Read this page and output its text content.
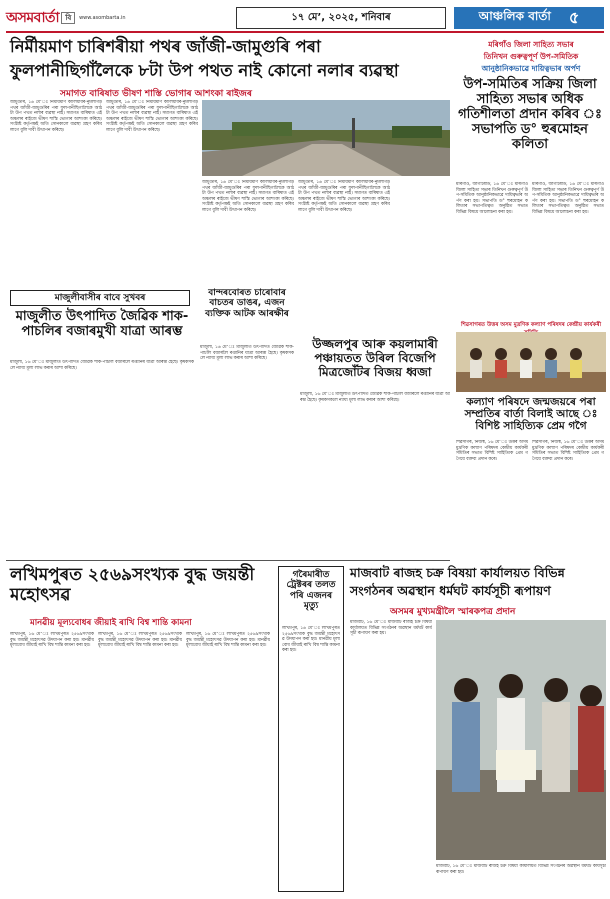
অসমবাৰ্তা বি	www.asombarta.in	১৭ মে’, ২০২৫, শনিবাৰ	আঞ্চলিক বাৰ্তা ৫
নিৰ্মীয়মাণ চাৰিশৰীয়া পথৰ জাঁজী-জামুগুৰি পৰা
ফুলপানীছিগাঁলৈকে ৮টা উপ পথত নাই কোনো নলাৰ ব্যৱস্থা
সমাগত বাৰিষাত ভীষণ শাস্তি ভোগাৰ আশংকা ৰাইজৰ
জামুগুৰি, ১৬ মে’ঃ নিৰ্মীয়মাণ কালিয়াবৰ-নুমলীগড় পথৰ জাঁজী-জামুগুৰিৰ পৰা ফুলপানীছিগালৈকে আঠটা উপ পথত নলাৰ ব্যৱস্থা নাই। সমাগত বাৰিষাত এই অঞ্চলৰ ৰাইজে ভীষণ শাস্তি ভোগাৰ আশংকা কৰিছে। সংশ্লিষ্ট কৰ্তৃপক্ষই অতি সোনকালে ব্যৱস্থা গ্ৰহণ কৰিব লাগে বুলি দাবী উত্থাপন কৰিছে।
জামুগুৰি, ১৬ মে’ঃ নিৰ্মীয়মাণ কালিয়াবৰ-নুমলীগড় পথৰ জাঁজী-জামুগুৰিৰ পৰা ফুলপানীছিগালৈকে আঠটা উপ পথত নলাৰ ব্যৱস্থা নাই। সমাগত বাৰিষাত এই অঞ্চলৰ ৰাইজে ভীষণ শাস্তি ভোগাৰ আশংকা কৰিছে। সংশ্লিষ্ট কৰ্তৃপক্ষই অতি সোনকালে ব্যৱস্থা গ্ৰহণ কৰিব লাগে বুলি দাবী উত্থাপন কৰিছে।
জামুগুৰি, ১৬ মে’ঃ নিৰ্মীয়মাণ কালিয়াবৰ-নুমলীগড় পথৰ জাঁজী-জামুগুৰিৰ পৰা ফুলপানীছিগালৈকে আঠটা উপ পথত নলাৰ ব্যৱস্থা নাই। সমাগত বাৰিষাত এই অঞ্চলৰ ৰাইজে ভীষণ শাস্তি ভোগাৰ আশংকা কৰিছে। সংশ্লিষ্ট কৰ্তৃপক্ষই অতি সোনকালে ব্যৱস্থা গ্ৰহণ কৰিব লাগে বুলি দাবী উত্থাপন কৰিছে।
জামুগুৰি, ১৬ মে’ঃ নিৰ্মীয়মাণ কালিয়াবৰ-নুমলীগড় পথৰ জাঁজী-জামুগুৰিৰ পৰা ফুলপানীছিগালৈকে আঠটা উপ পথত নলাৰ ব্যৱস্থা নাই। সমাগত বাৰিষাত এই অঞ্চলৰ ৰাইজে ভীষণ শাস্তি ভোগাৰ আশংকা কৰিছে। সংশ্লিষ্ট কৰ্তৃপক্ষই অতি সোনকালে ব্যৱস্থা গ্ৰহণ কৰিব লাগে বুলি দাবী উত্থাপন কৰিছে।
মৰিগাঁও জিলা সাহিত্য সভাৰ
তিনিখন গুৰুত্বপূৰ্ণ উপ-সমিতিক
আনুষ্ঠানিকভাৱে দায়িত্বভাৰ অৰ্পণ
উপ-সমিতিৰ সক্ৰিয় জিলা সাহিত্য সভাৰ অধিক গতিশীলতা প্ৰদান কৰিব ঃ সভাপতি ড° হুৰমোহন কলিতা
মৰিগাঁও, জাগীৰোড, ১৬ মে’ঃ মৰিগাঁও জিলা সাহিত্য সভাৰ তিনিখন গুৰুত্বপূৰ্ণ উপ-সমিতিক আনুষ্ঠানিকভাৱে দায়িত্বভাৰ অৰ্পণ কৰা হয়। সভাপতি ড° হুৰমোহন কলিতাৰ সভাপতিত্বত অনুষ্ঠিত সভাত বিভিন্ন বিষয়ে আলোচনা কৰা হয়।
মৰিগাঁও, জাগীৰোড, ১৬ মে’ঃ মৰিগাঁও জিলা সাহিত্য সভাৰ তিনিখন গুৰুত্বপূৰ্ণ উপ-সমিতিক আনুষ্ঠানিকভাৱে দায়িত্বভাৰ অৰ্পণ কৰা হয়। সভাপতি ড° হুৰমোহন কলিতাৰ সভাপতিত্বত অনুষ্ঠিত সভাত বিভিন্ন বিষয়ে আলোচনা কৰা হয়।
মাজুলীবাসীৰ বাবে সুখবৰ
মাজুলীত উৎপাদিত জৈৱিক শাক-পাচলিৰ বজাৰমুখী যাত্ৰা আৰম্ভ
মাজুলী, ১৬ মে’ঃ মাজুলীত উৎপাদিত জৈৱিক শাক-পাচলি বজাৰলৈ ৰপ্তানিৰ যাত্ৰা আৰম্ভ হৈছে। কৃষকসকলে ন্যায্য মূল্য লাভ কৰাৰ আশা কৰিছে।
বান্দৰবোৰত চাৰোবাৰ বাচতৰ ডাঙৰ, এজন ব্যক্তিক আটক আৰক্ষীৰ
মাজুলী, ১৬ মে’ঃ মাজুলীত উৎপাদিত জৈৱিক শাক-পাচলি বজাৰলৈ ৰপ্তানিৰ যাত্ৰা আৰম্ভ হৈছে। কৃষকসকলে ন্যায্য মূল্য লাভ কৰাৰ আশা কৰিছে।
উজ্জলপুৰ আৰু কয়লামাৰী পঞ্চায়তত উৰিল বিজেপি মিত্ৰজোঁটৰ বিজয় ধ্বজা
মাজুলী, ১৬ মে’ঃ মাজুলীত উৎপাদিত জৈৱিক শাক-পাচলি বজাৰলৈ ৰপ্তানিৰ যাত্ৰা আৰম্ভ হৈছে। কৃষকসকলে ন্যায্য মূল্য লাভ কৰাৰ আশা কৰিছে।
শিৱসাগৰত উত্তৰ অসম মুদ্ৰণিক কল্যাণ পৰিষদৰ কেন্দ্ৰীয় কাৰ্যকৰী
কল্যাণ পৰিষদে জন্মজয়ৰে পৰা সম্প্ৰতিৰ বাৰ্তা বিলাই আছে ঃ বিশিষ্ট সাহিত্যিক প্ৰেম গগৈ
শিৱসাগৰ, নিজস্ব, ১৬ মে’ঃ উত্তৰ অসম মুদ্ৰণিক কল্যাণ পৰিষদৰ কেন্দ্ৰীয় কাৰ্যকৰী সমিতিৰ সভাত বিশিষ্ট সাহিত্যিক প্ৰেম গগৈয়ে বক্তব্য প্ৰদান কৰে।
শিৱসাগৰ, নিজস্ব, ১৬ মে’ঃ উত্তৰ অসম মুদ্ৰণিক কল্যাণ পৰিষদৰ কেন্দ্ৰীয় কাৰ্যকৰী সমিতিৰ সভাত বিশিষ্ট সাহিত্যিক প্ৰেম গগৈয়ে বক্তব্য প্ৰদান কৰে।
লখিমপুৰত ২৫৬৯সংখ্যক বুদ্ধ জয়ন্তী মহোৎসৱ
মানৱীয় মূল্যবোধৰ জীয়াই ৰাখি বিশ্ব শান্তি কামনা
লখিমপুৰ, ১৬ মে’ঃ লখিমপুৰত ২৫৬৯সংখ্যক বুদ্ধ জয়ন্তী মহোৎসৱ উদযাপন কৰা হয়। মানৱীয় মূল্যবোধ জীয়াই ৰাখি বিশ্ব শান্তি কামনা কৰা হয়।
লখিমপুৰ, ১৬ মে’ঃ লখিমপুৰত ২৫৬৯সংখ্যক বুদ্ধ জয়ন্তী মহোৎসৱ উদযাপন কৰা হয়। মানৱীয় মূল্যবোধ জীয়াই ৰাখি বিশ্ব শান্তি কামনা কৰা হয়।
লখিমপুৰ, ১৬ মে’ঃ লখিমপুৰত ২৫৬৯সংখ্যক বুদ্ধ জয়ন্তী মহোৎসৱ উদযাপন কৰা হয়। মানৱীয় মূল্যবোধ জীয়াই ৰাখি বিশ্ব শান্তি কামনা কৰা হয়।
গৰৈমাৰীত ট্ৰেক্টৰৰ তলত পৰি এজনৰ মৃত্যু
লখিমপুৰ, ১৬ মে’ঃ লখিমপুৰত ২৫৬৯সংখ্যক বুদ্ধ জয়ন্তী মহোৎসৱ উদযাপন কৰা হয়। মানৱীয় মূল্যবোধ জীয়াই ৰাখি বিশ্ব শান্তি কামনা কৰা হয়।
মাজবাট ৰাজহ চক্ৰ বিষয়া কাৰ্যালয়ত বিভিন্ন
সংগঠনৰ অৱস্থান ধৰ্মঘট কাৰ্যসূচী ৰূপায়ণ
অসমৰ মুখ্যমন্ত্ৰীলৈ স্মাৰকপত্ৰ প্ৰদান
মাজবাট, ১৬ মে’ঃ মাজবাট ৰাজহ চক্ৰ বিষয়া কাৰ্যালয়ত বিভিন্ন সংগঠনৰ অৱস্থান ধৰ্মঘট কাৰ্যসূচী ৰূপায়ণ কৰা হয়।
মাজবাট, ১৬ মে’ঃ মাজবাট ৰাজহ চক্ৰ বিষয়া কাৰ্যালয়ত বিভিন্ন সংগঠনৰ অৱস্থান ধৰ্মঘট কাৰ্যসূচী ৰূপায়ণ কৰা হয়।
